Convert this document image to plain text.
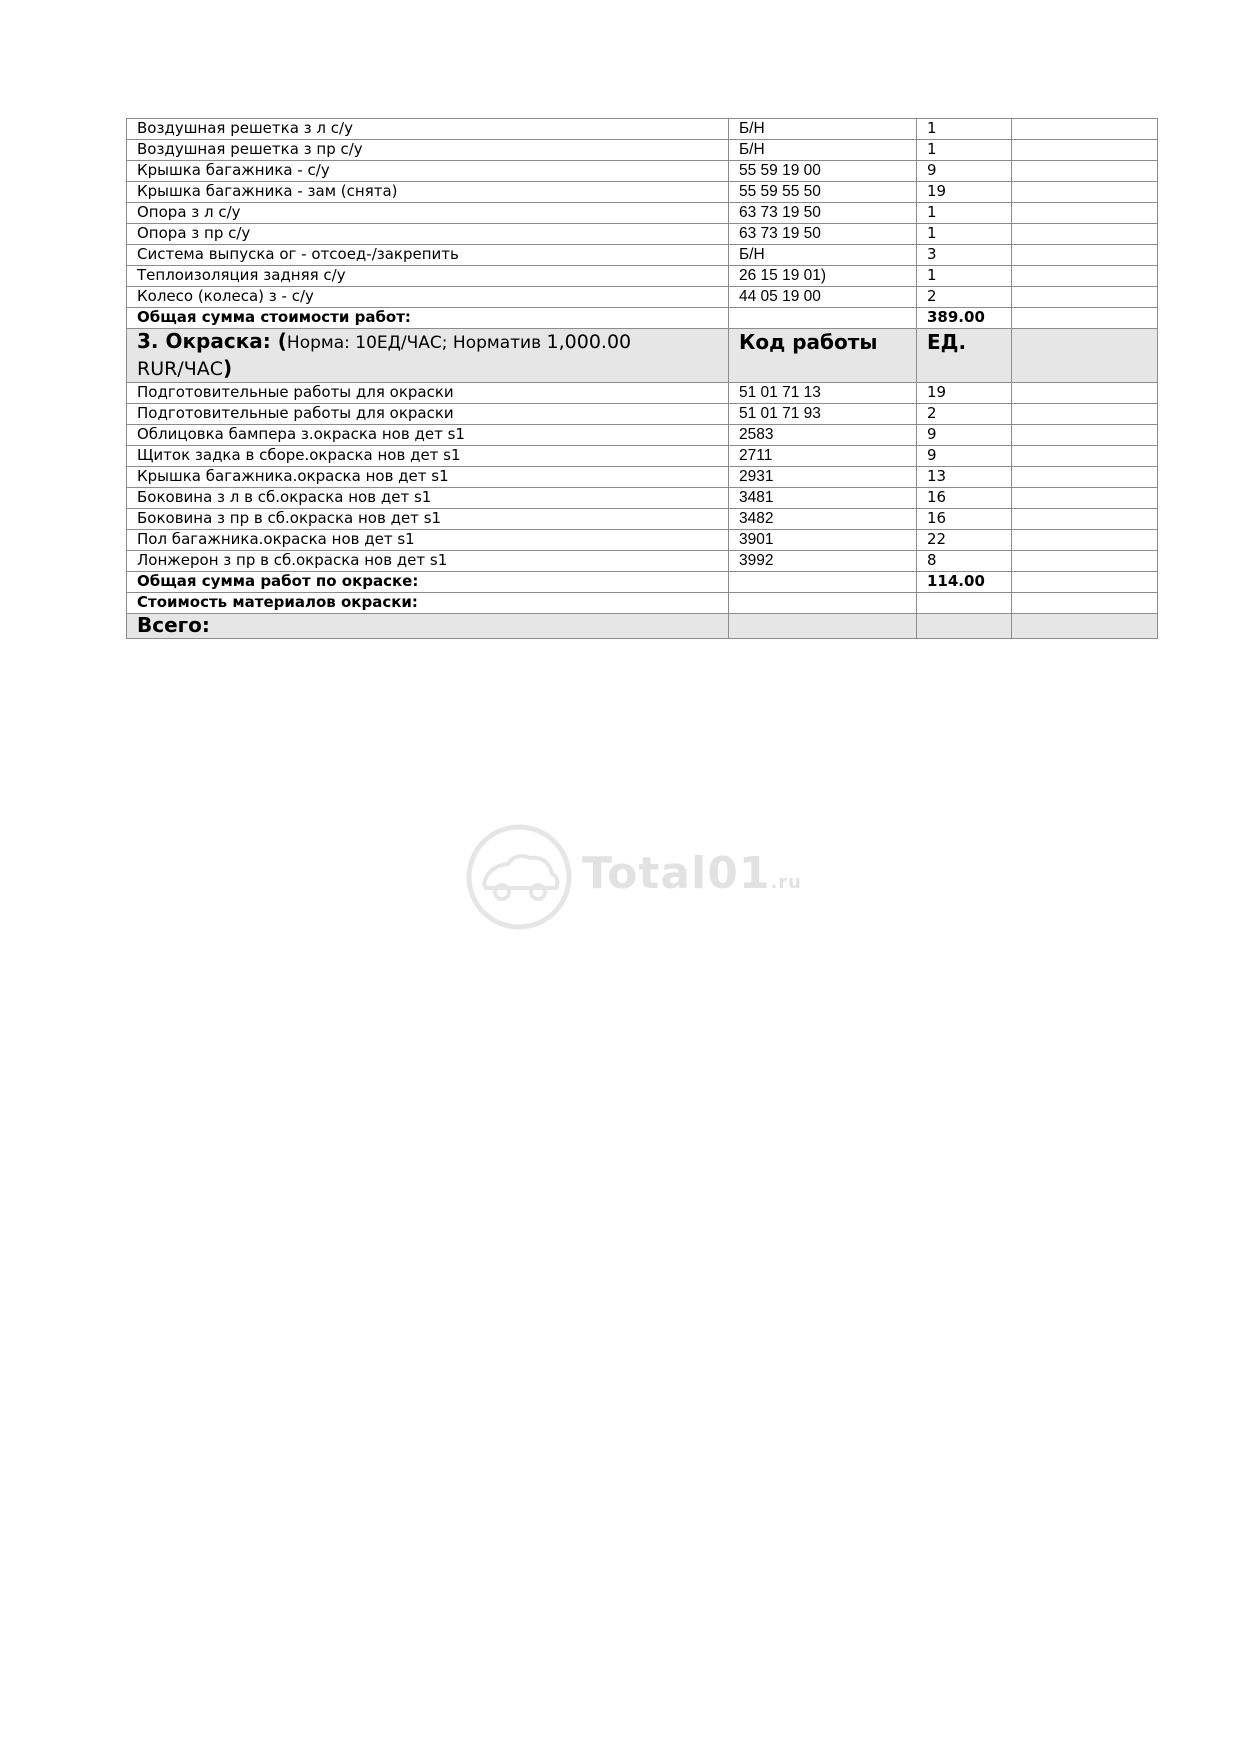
Воздушная решетка з л с/у	Б/Н	1	
Воздушная решетка з пр с/у	Б/Н	1	
Крышка багажника - с/у	55 59 19 00	9	
Крышка багажника - зам (снята)	55 59 55 50	19	
Опора з л с/у	63 73 19 50	1	
Опора з пр с/у	63 73 19 50	1	
Система выпуска ог - отсоед-/закрепить	Б/Н	3	
Теплоизоляция задняя с/у	26 15 19 01)	1	
Колесо (колеса) з - с/у	44 05 19 00	2	
Общая сумма стоимости работ:		389.00	
3. Окраска: (Норма: 10ЕД/ЧАС; Норматив 1,000.00
RUR/ЧАС)	Код работы	ЕД.	
Подготовительные работы для окраски	51 01 71 13	19	
Подготовительные работы для окраски	51 01 71 93	2	
Облицовка бампера з.окраска нов дет s1	2583	9	
Щиток задка в сборе.окраска нов дет s1	2711	9	
Крышка багажника.окраска нов дет s1	2931	13	
Боковина з л в сб.окраска нов дет s1	3481	16	
Боковина з пр в сб.окраска нов дет s1	3482	16	
Пол багажника.окраска нов дет s1	3901	22	
Лонжерон з пр в сб.окраска нов дет s1	3992	8	
Общая сумма работ по окраске:		114.00	
Стоимость материалов окраски:			
Всего:			
Total01.ru
